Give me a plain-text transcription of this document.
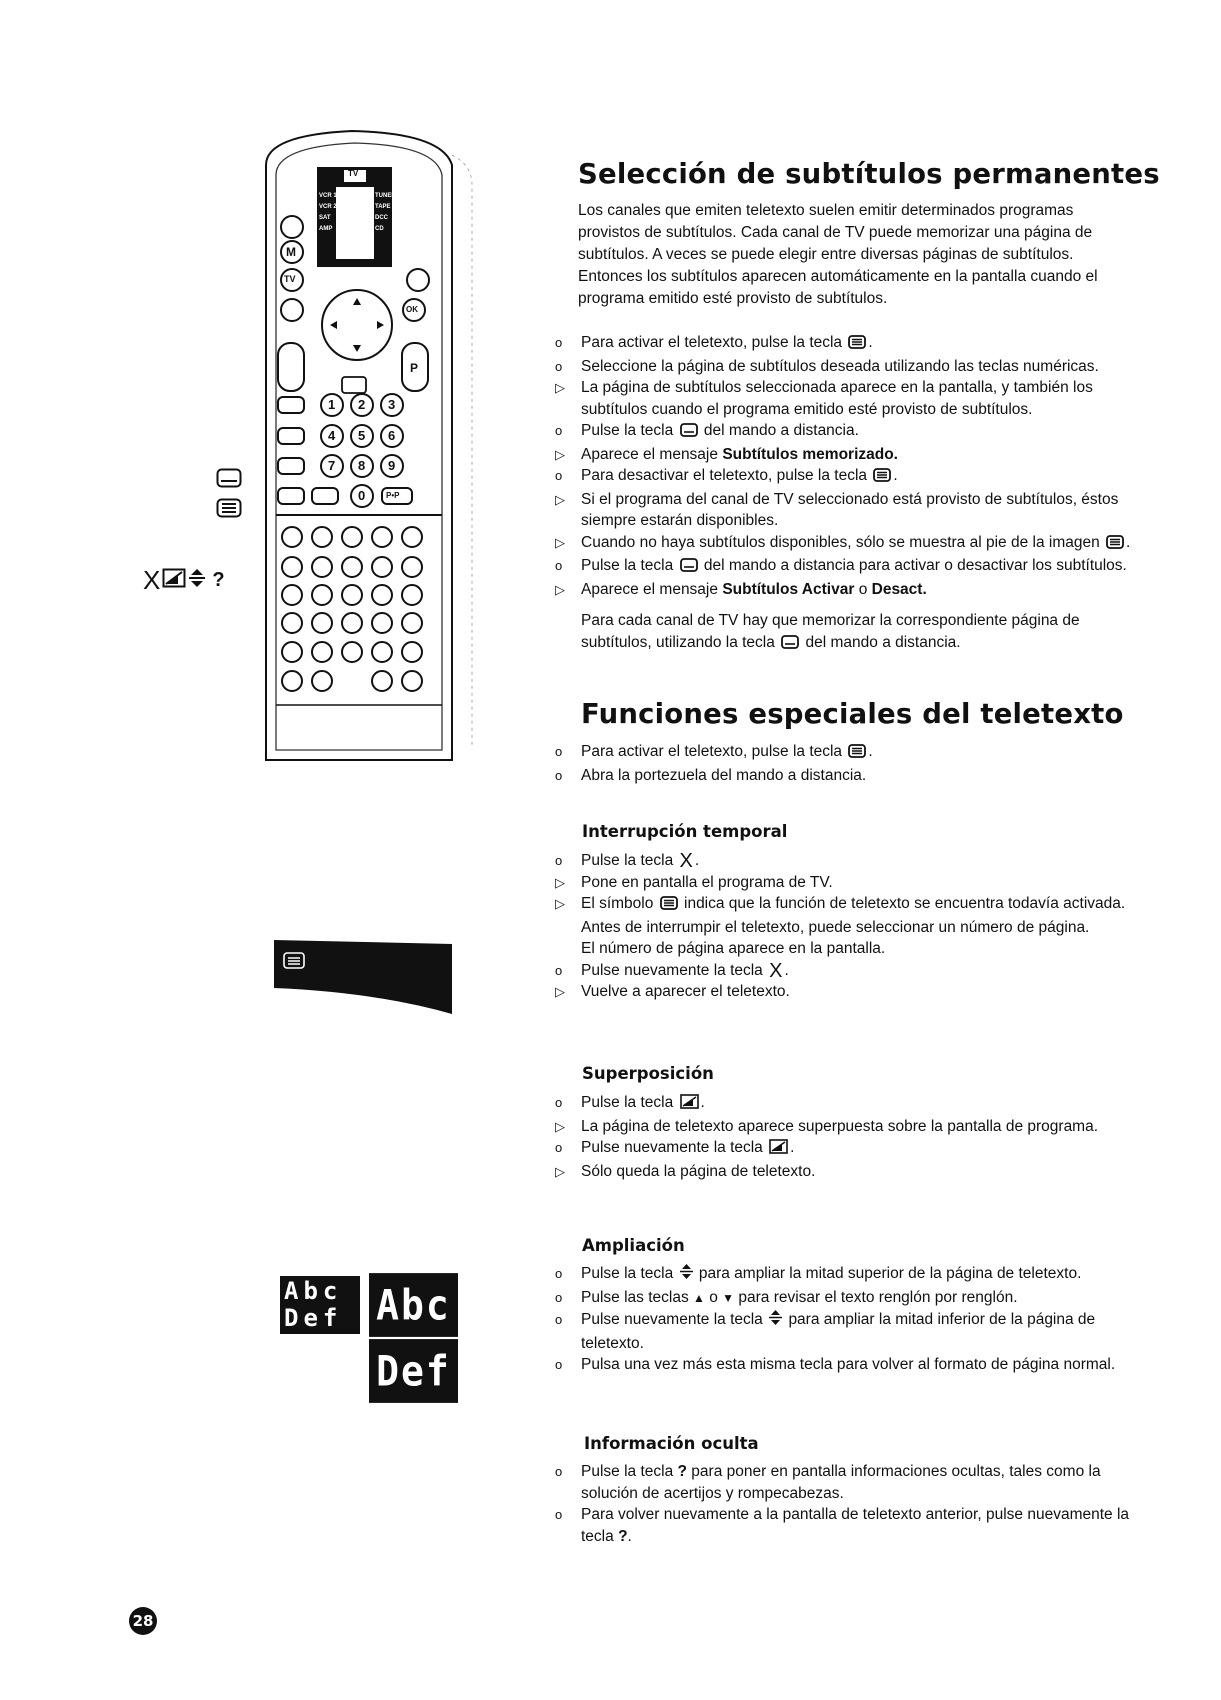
TV
VCR 1
VCR 2
SAT
AMP
TUNER
TAPE
DCC
CD
M
TV
OK
P
1 2 3
4 5 6
7 8 9
0	P•P
X	?
Abc
Def Abc
Def
Selección de subtítulos permanentes
Los canales que emiten teletexto suelen emitir determinados programas
provistos de subtítulos. Cada canal de TV puede memorizar una página de
subtítulos. A veces se puede elegir entre diversas páginas de subtítulos.
Entonces los subtítulos aparecen automáticamente en la pantalla cuando el
programa emitido esté provisto de subtítulos.
o	Para activar el teletexto, pulse la tecla .
o	Seleccione la página de subtítulos deseada utilizando las teclas numéricas.
▷	La página de subtítulos seleccionada aparece en la pantalla, y también los
subtítulos cuando el programa emitido esté provisto de subtítulos.
o	Pulse la tecla del mando a distancia.
▷	Aparece el mensaje Subtítulos memorizado.
o	Para desactivar el teletexto, pulse la tecla .
▷	Si el programa del canal de TV seleccionado está provisto de subtítulos, éstos
siempre estarán disponibles.
▷	Cuando no haya subtítulos disponibles, sólo se muestra al pie de la imagen .
o	Pulse la tecla del mando a distancia para activar o desactivar los subtítulos.
▷	Aparece el mensaje Subtítulos Activar o Desact.
Para cada canal de TV hay que memorizar la correspondiente página de
subtítulos, utilizando la tecla del mando a distancia.
Funciones especiales del teletexto
o	Para activar el teletexto, pulse la tecla .
o	Abra la portezuela del mando a distancia.
Interrupción temporal
o	Pulse la tecla X .
▷	Pone en pantalla el programa de TV.
▷	El símbolo indica que la función de teletexto se encuentra todavía activada.
Antes de interrumpir el teletexto, puede seleccionar un número de página.
El número de página aparece en la pantalla.
o	Pulse nuevamente la tecla X .
▷	Vuelve a aparecer el teletexto.
Superposición
o	Pulse la tecla .
▷	La página de teletexto aparece superpuesta sobre la pantalla de programa.
o	Pulse nuevamente la tecla .
▷	Sólo queda la página de teletexto.
Ampliación
o	Pulse la tecla para ampliar la mitad superior de la página de teletexto.
o	Pulse las teclas ▲ o ▼ para revisar el texto renglón por renglón.
o	Pulse nuevamente la tecla para ampliar la mitad inferior de la página de
teletexto.
o	Pulsa una vez más esta misma tecla para volver al formato de página normal.
Información oculta
o	Pulse la tecla ? para poner en pantalla informaciones ocultas, tales como la
solución de acertijos y rompecabezas.
o	Para volver nuevamente a la pantalla de teletexto anterior, pulse nuevamente la
tecla ?.
28
